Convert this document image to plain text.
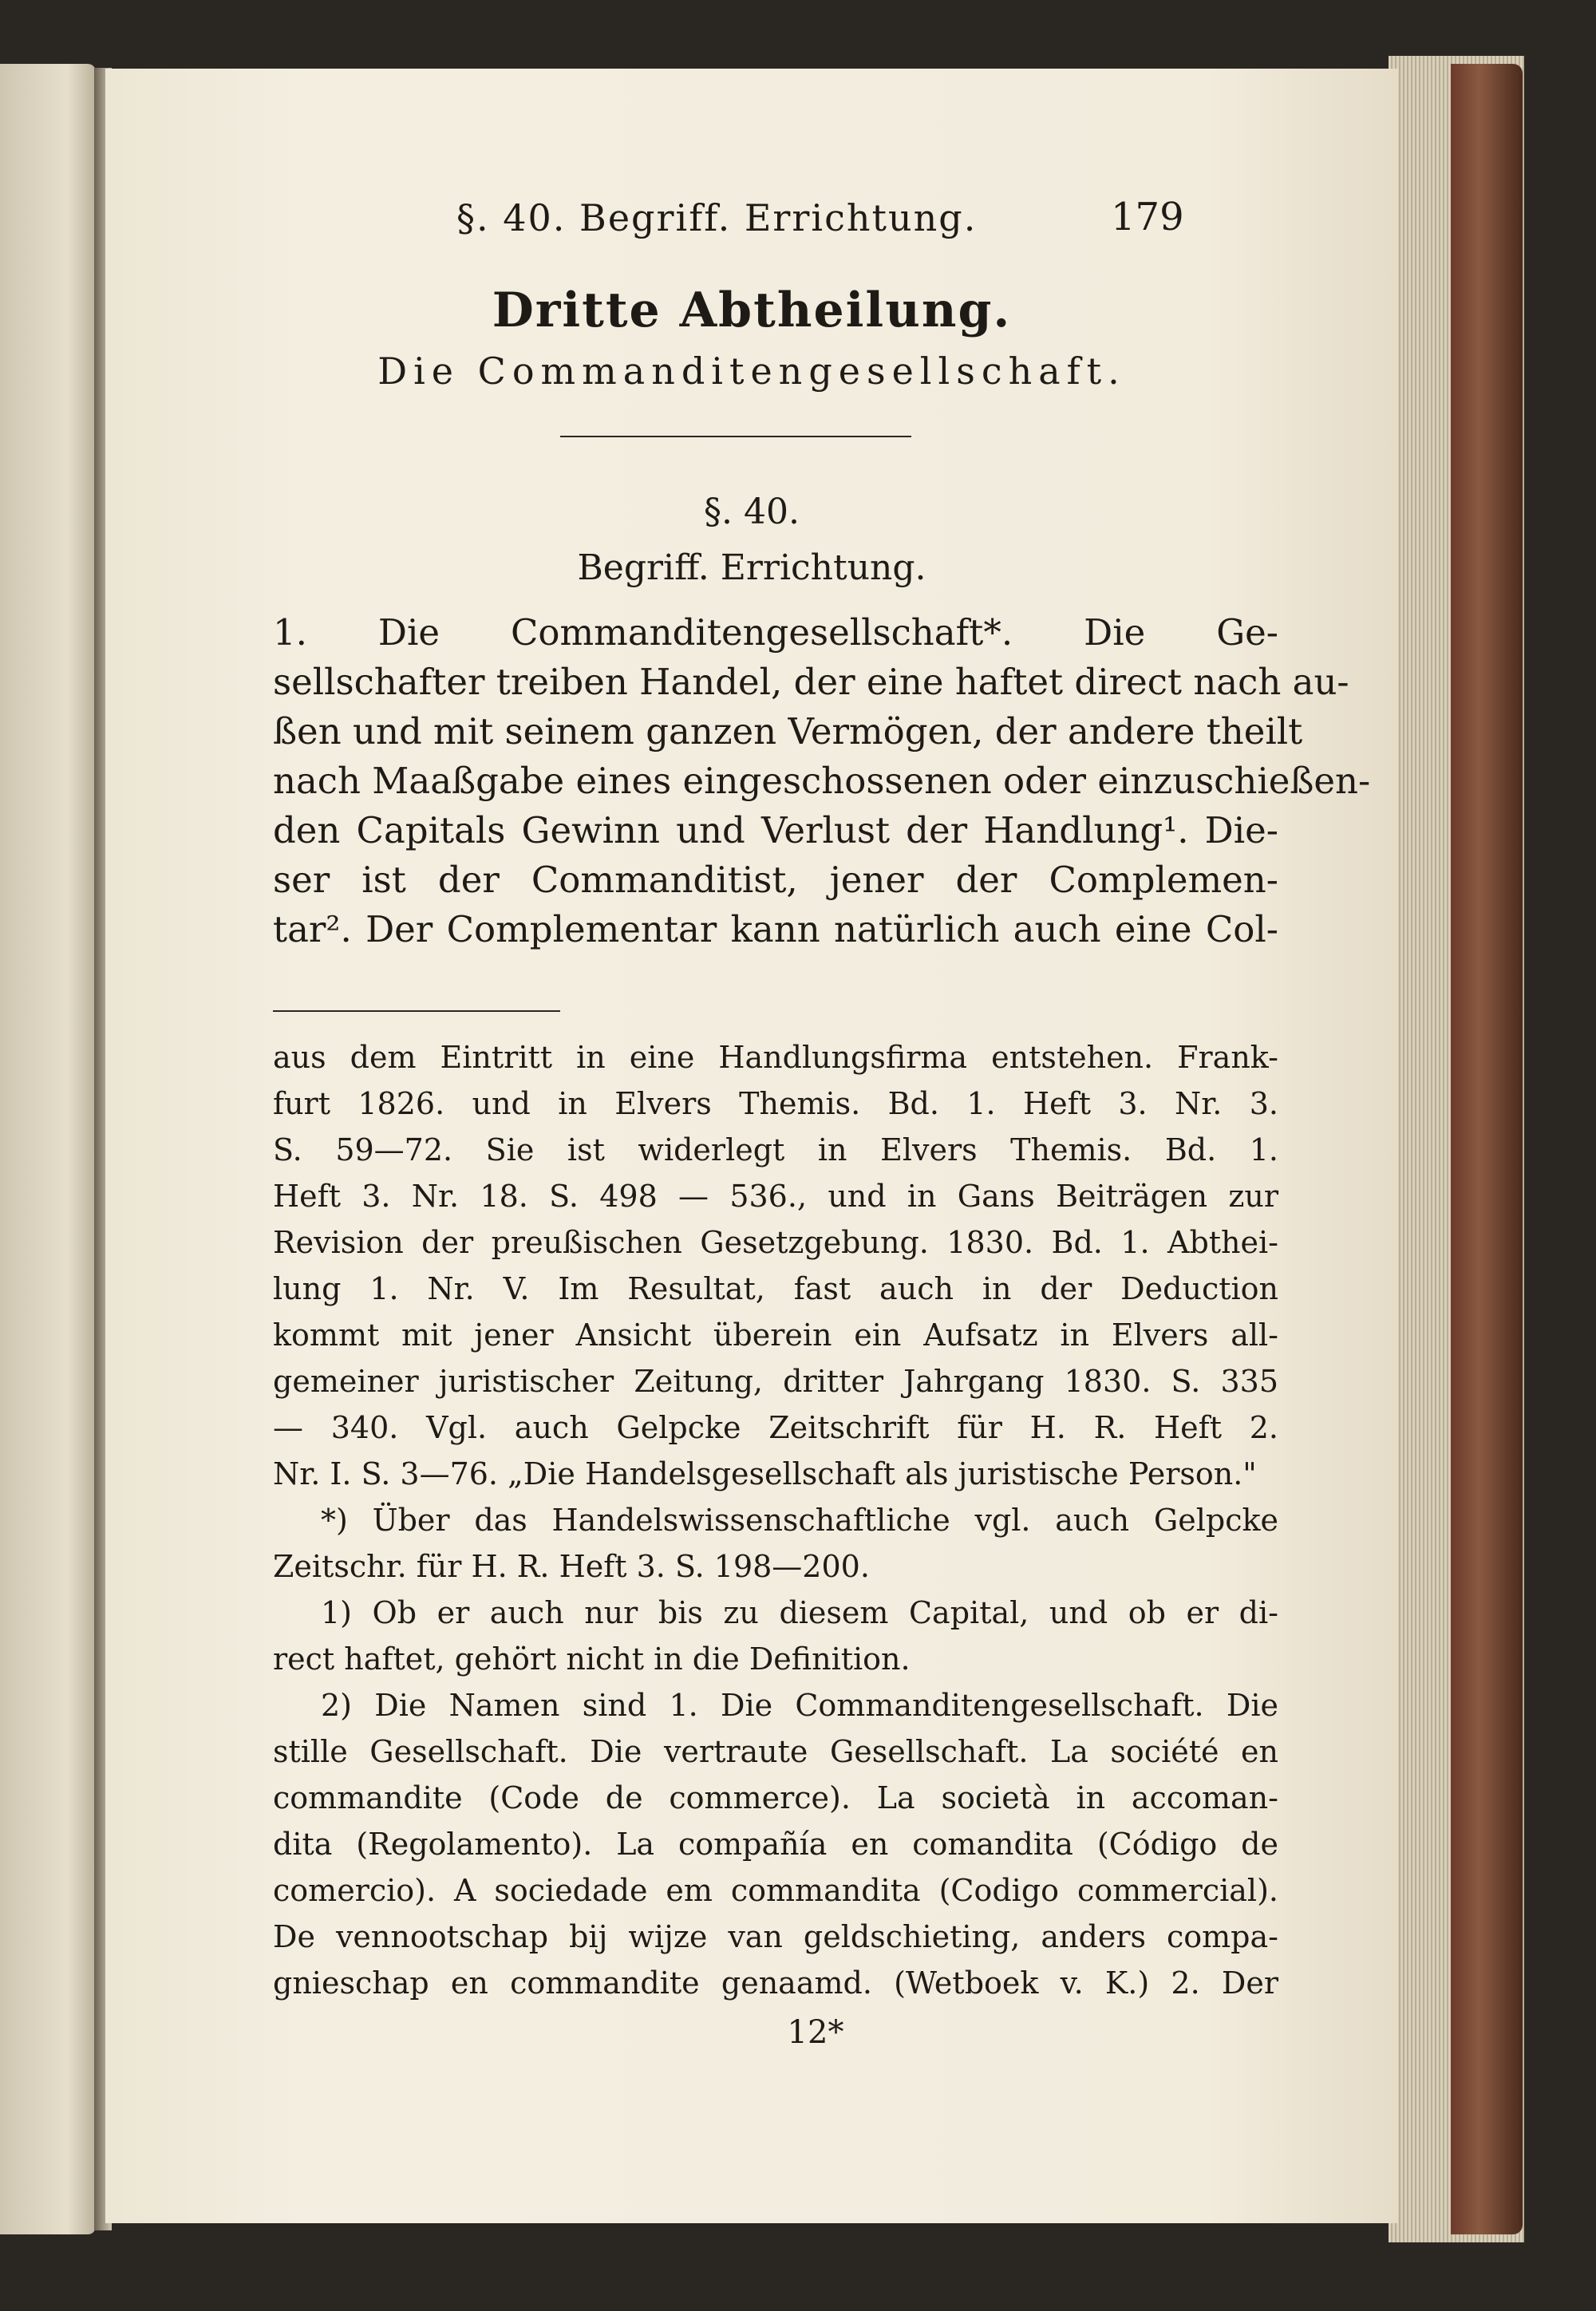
§. 40. Begriff. Errichtung.	179
Dritte Abtheilung.
Die Commanditengesellschaft.
§. 40.
Begriff. Errichtung.
1. Die Commanditengesellschaft*. Die Ge-
sellschafter treiben Handel, der eine haftet direct nach au-
ßen und mit seinem ganzen Vermögen, der andere theilt
nach Maaßgabe eines eingeschossenen oder einzuschießen-
den Capitals Gewinn und Verlust der Handlung¹. Die-
ser ist der Commanditist, jener der Complemen-
tar². Der Complementar kann natürlich auch eine Col-
aus dem Eintritt in eine Handlungsfirma entstehen. Frank-
furt 1826. und in Elvers Themis. Bd. 1. Heft 3. Nr. 3.
S. 59—72. Sie ist widerlegt in Elvers Themis. Bd. 1.
Heft 3. Nr. 18. S. 498 — 536., und in Gans Beiträgen zur
Revision der preußischen Gesetzgebung. 1830. Bd. 1. Abthei-
lung 1. Nr. V. Im Resultat, fast auch in der Deduction
kommt mit jener Ansicht überein ein Aufsatz in Elvers all-
gemeiner juristischer Zeitung, dritter Jahrgang 1830. S. 335
— 340. Vgl. auch Gelpcke Zeitschrift für H. R. Heft 2.
Nr. I. S. 3—76. „Die Handelsgesellschaft als juristische Person."
*) Über das Handelswissenschaftliche vgl. auch Gelpcke
Zeitschr. für H. R. Heft 3. S. 198—200.
1) Ob er auch nur bis zu diesem Capital, und ob er di-
rect haftet, gehört nicht in die Definition.
2) Die Namen sind 1. Die Commanditengesellschaft. Die
stille Gesellschaft. Die vertraute Gesellschaft. La société en
commandite (Code de commerce). La società in accoman-
dita (Regolamento). La compañía en comandita (Código de
comercio). A sociedade em commandita (Codigo commercial).
De vennootschap bij wijze van geldschieting, anders compa-
gnieschap en commandite genaamd. (Wetboek v. K.) 2. Der
12*
